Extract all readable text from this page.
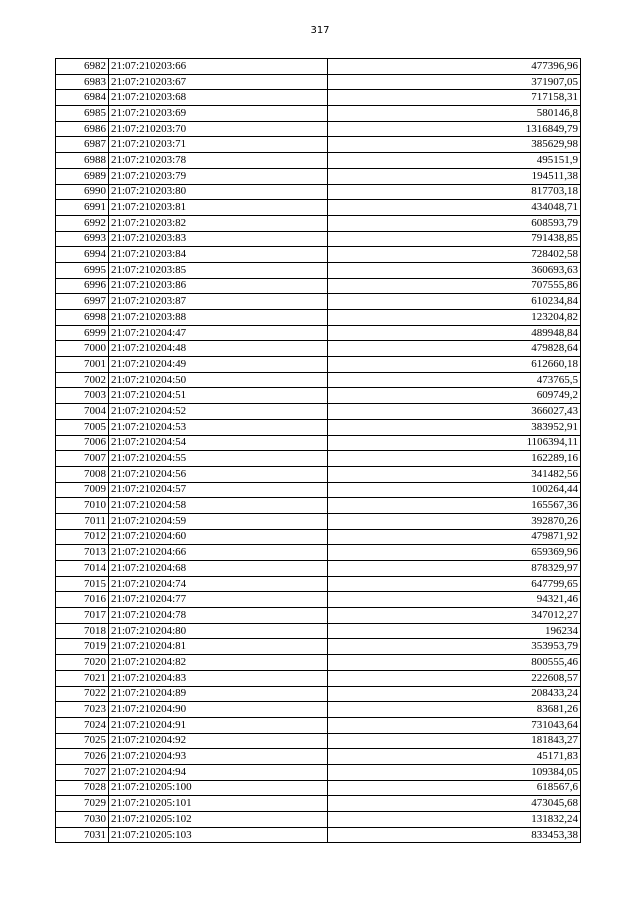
317
6982	21:07:210203:66	477396,96
6983	21:07:210203:67	371907,05
6984	21:07:210203:68	717158,31
6985	21:07:210203:69	580146,8
6986	21:07:210203:70	1316849,79
6987	21:07:210203:71	385629,98
6988	21:07:210203:78	495151,9
6989	21:07:210203:79	194511,38
6990	21:07:210203:80	817703,18
6991	21:07:210203:81	434048,71
6992	21:07:210203:82	608593,79
6993	21:07:210203:83	791438,85
6994	21:07:210203:84	728402,58
6995	21:07:210203:85	360693,63
6996	21:07:210203:86	707555,86
6997	21:07:210203:87	610234,84
6998	21:07:210203:88	123204,82
6999	21:07:210204:47	489948,84
7000	21:07:210204:48	479828,64
7001	21:07:210204:49	612660,18
7002	21:07:210204:50	473765,5
7003	21:07:210204:51	609749,2
7004	21:07:210204:52	366027,43
7005	21:07:210204:53	383952,91
7006	21:07:210204:54	1106394,11
7007	21:07:210204:55	162289,16
7008	21:07:210204:56	341482,56
7009	21:07:210204:57	100264,44
7010	21:07:210204:58	165567,36
7011	21:07:210204:59	392870,26
7012	21:07:210204:60	479871,92
7013	21:07:210204:66	659369,96
7014	21:07:210204:68	878329,97
7015	21:07:210204:74	647799,65
7016	21:07:210204:77	94321,46
7017	21:07:210204:78	347012,27
7018	21:07:210204:80	196234
7019	21:07:210204:81	353953,79
7020	21:07:210204:82	800555,46
7021	21:07:210204:83	222608,57
7022	21:07:210204:89	208433,24
7023	21:07:210204:90	83681,26
7024	21:07:210204:91	731043,64
7025	21:07:210204:92	181843,27
7026	21:07:210204:93	45171,83
7027	21:07:210204:94	109384,05
7028	21:07:210205:100	618567,6
7029	21:07:210205:101	473045,68
7030	21:07:210205:102	131832,24
7031	21:07:210205:103	833453,38
